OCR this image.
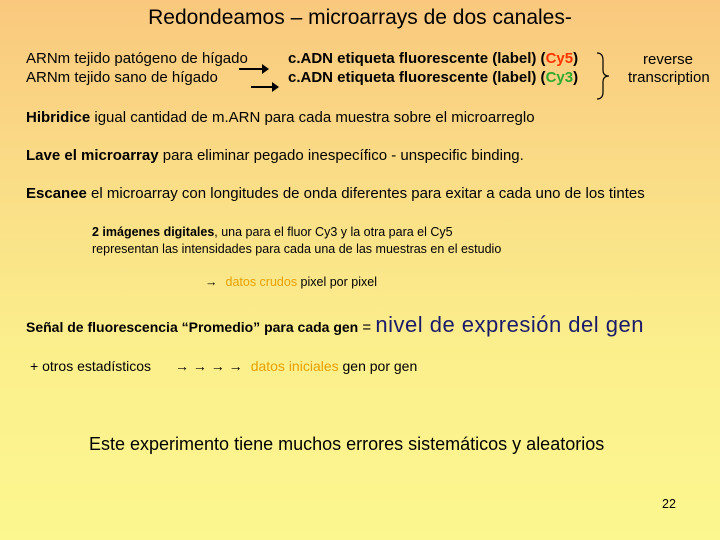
Redondeamos – microarrays de dos canales-
ARNm tejido patógeno de hígado	c.ADN etiqueta fluorescente (label) (Cy5)
ARNm tejido sano de hígado	c.ADN etiqueta fluorescente (label) (Cy3)
reverse
transcription
Hibridice igual cantidad de m.ARN para cada muestra sobre el microarreglo
Lave el microarray para eliminar pegado inespecífico - unspecific binding.
Escanee el microarray con longitudes de onda diferentes para exitar a cada uno de los tintes
2 imágenes digitales, una para el fluor Cy3 y la otra para el Cy5
representan las intensidades para cada una de las muestras en el estudio
→ datos crudos pixel por pixel
Señal de fluorescencia “Promedio” para cada gen = nivel de expresión del gen
+ otros estadísticos → → → → datos iniciales gen por gen
Este experimento tiene muchos errores sistemáticos y aleatorios
22
